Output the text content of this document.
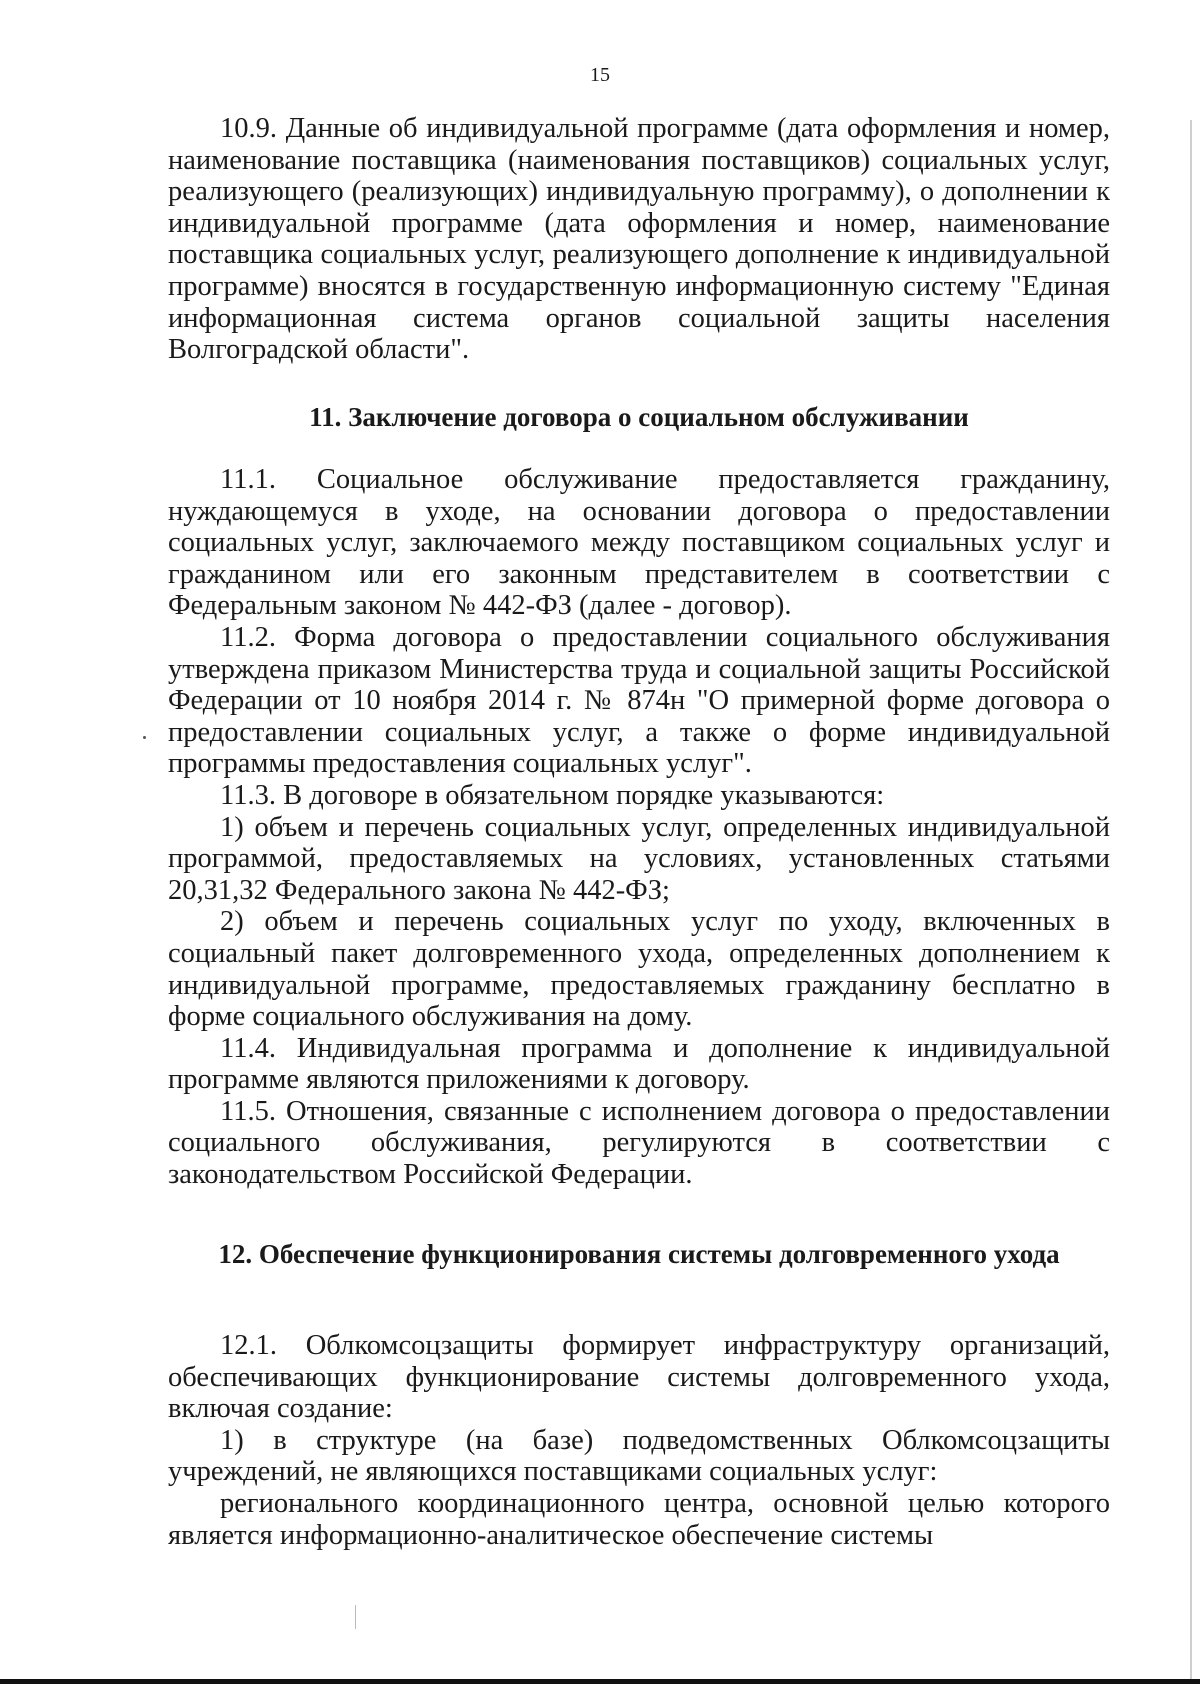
15

10.9. Данные об индивидуальной программе (дата оформления и номер, наименование поставщика (наименования поставщиков) социальных услуг, реализующего (реализующих) индивидуальную программу), о дополнении к индивидуальной программе (дата оформления и номер, наименование поставщика социальных услуг, реализующего дополнение к индивидуальной программе) вносятся в государственную информационную систему "Единая информационная система органов социальной защиты населения Волгоградской области".

11. Заключение договора о социальном обслуживании

11.1. Социальное обслуживание предоставляется гражданину, нуждающемуся в уходе, на основании договора о предоставлении социальных услуг, заключаемого между поставщиком социальных услуг и гражданином или его законным представителем в соответствии с Федеральным законом № 442-ФЗ (далее - договор).

11.2. Форма договора о предоставлении социального обслуживания утверждена приказом Министерства труда и социальной защиты Российской Федерации от 10 ноября 2014 г. № 874н "О примерной форме договора о предоставлении социальных услуг, а также о форме индивидуальной программы предоставления социальных услуг".

11.3. В договоре в обязательном порядке указываются:

1) объем и перечень социальных услуг, определенных индивидуальной программой, предоставляемых на условиях, установленных статьями 20,31,32 Федерального закона № 442-ФЗ;

2) объем и перечень социальных услуг по уходу, включенных в социальный пакет долговременного ухода, определенных дополнением к индивидуальной программе, предоставляемых гражданину бесплатно в форме социального обслуживания на дому.

11.4. Индивидуальная программа и дополнение к индивидуальной программе являются приложениями к договору.

11.5. Отношения, связанные с исполнением договора о предоставлении социального обслуживания, регулируются в соответствии с законодательством Российской Федерации.

12. Обеспечение функционирования системы долговременного ухода

12.1. Облкомсоцзащиты формирует инфраструктуру организаций, обеспечивающих функционирование системы долговременного ухода, включая создание:

1) в структуре (на базе) подведомственных Облкомсоцзащиты учреждений, не являющихся поставщиками социальных услуг:

регионального координационного центра, основной целью которого является информационно-аналитическое обеспечение системы
